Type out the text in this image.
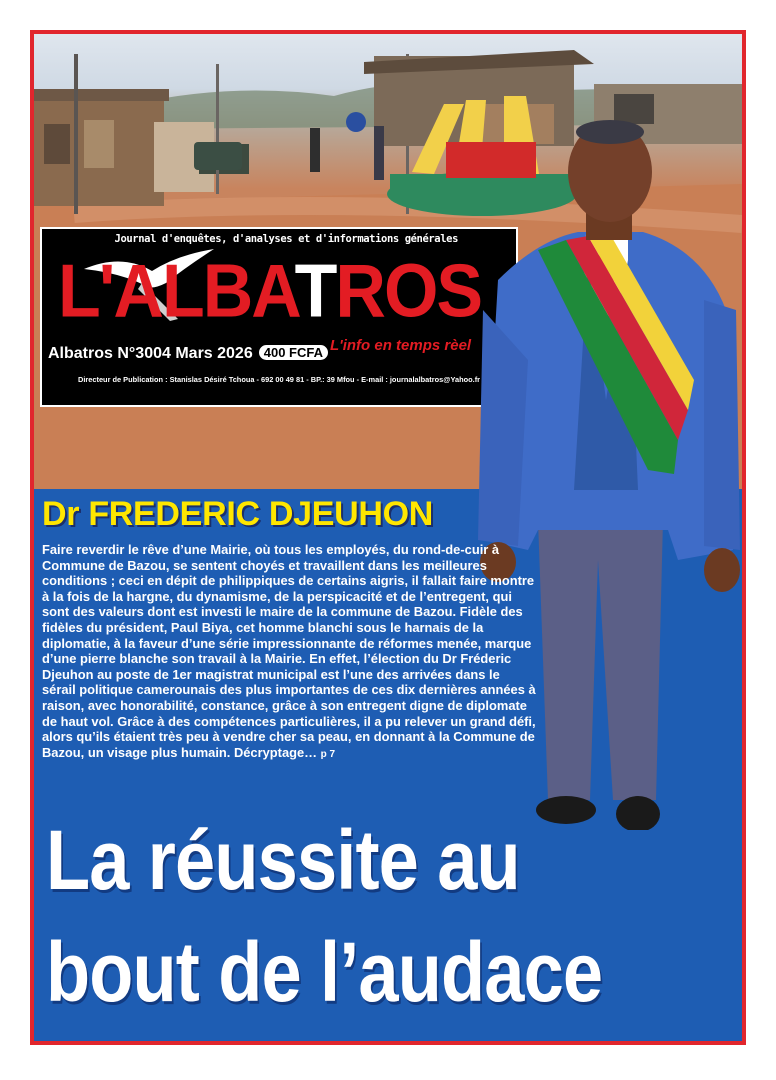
Journal d'enquêtes, d'analyses et d'informations générales
L'ALBATROS
Albatros N°3004 Mars 2026 400 FCFA L'info en temps rèel
Directeur de Publication : Stanislas Désiré Tchoua - 692 00 49 81 - BP.: 39 Mfou - E-mail : journalalbatros@Yahoo.fr
Dr FREDERIC DJEUHON

Faire reverdir le rêve d’une Mairie, où tous les employés, du rond-de-cuir à Commune de Bazou, se sentent choyés et travaillent dans les meilleures conditions ; ceci en dépit de philippiques de certains aigris, il fallait faire montre à la fois de la hargne, du dynamisme, de la perspicacité et de l’entregent, qui sont des valeurs dont est investi le maire de la commune de Bazou. Fidèle des fidèles du président, Paul Biya, cet homme blanchi sous le harnais de la diplomatie, à la faveur d’une série impressionnante de réformes menée, marque d’une pierre blanche son travail à la Mairie. En effet, l’élection du Dr Fréderic Djeuhon au poste de 1er magistrat municipal est l’une des arrivées dans le sérail politique camerounais des plus importantes de ces dix dernières années à raison, avec honorabilité, constance, grâce à son entregent digne de diplomate de haut vol. Grâce à des compétences particulières, il a pu relever un grand défi, alors qu’ils étaient très peu à vendre cher sa peau, en donnant à la Commune de Bazou, un visage plus humain. Décryptage… p 7

La réussite au
bout de l’audace
